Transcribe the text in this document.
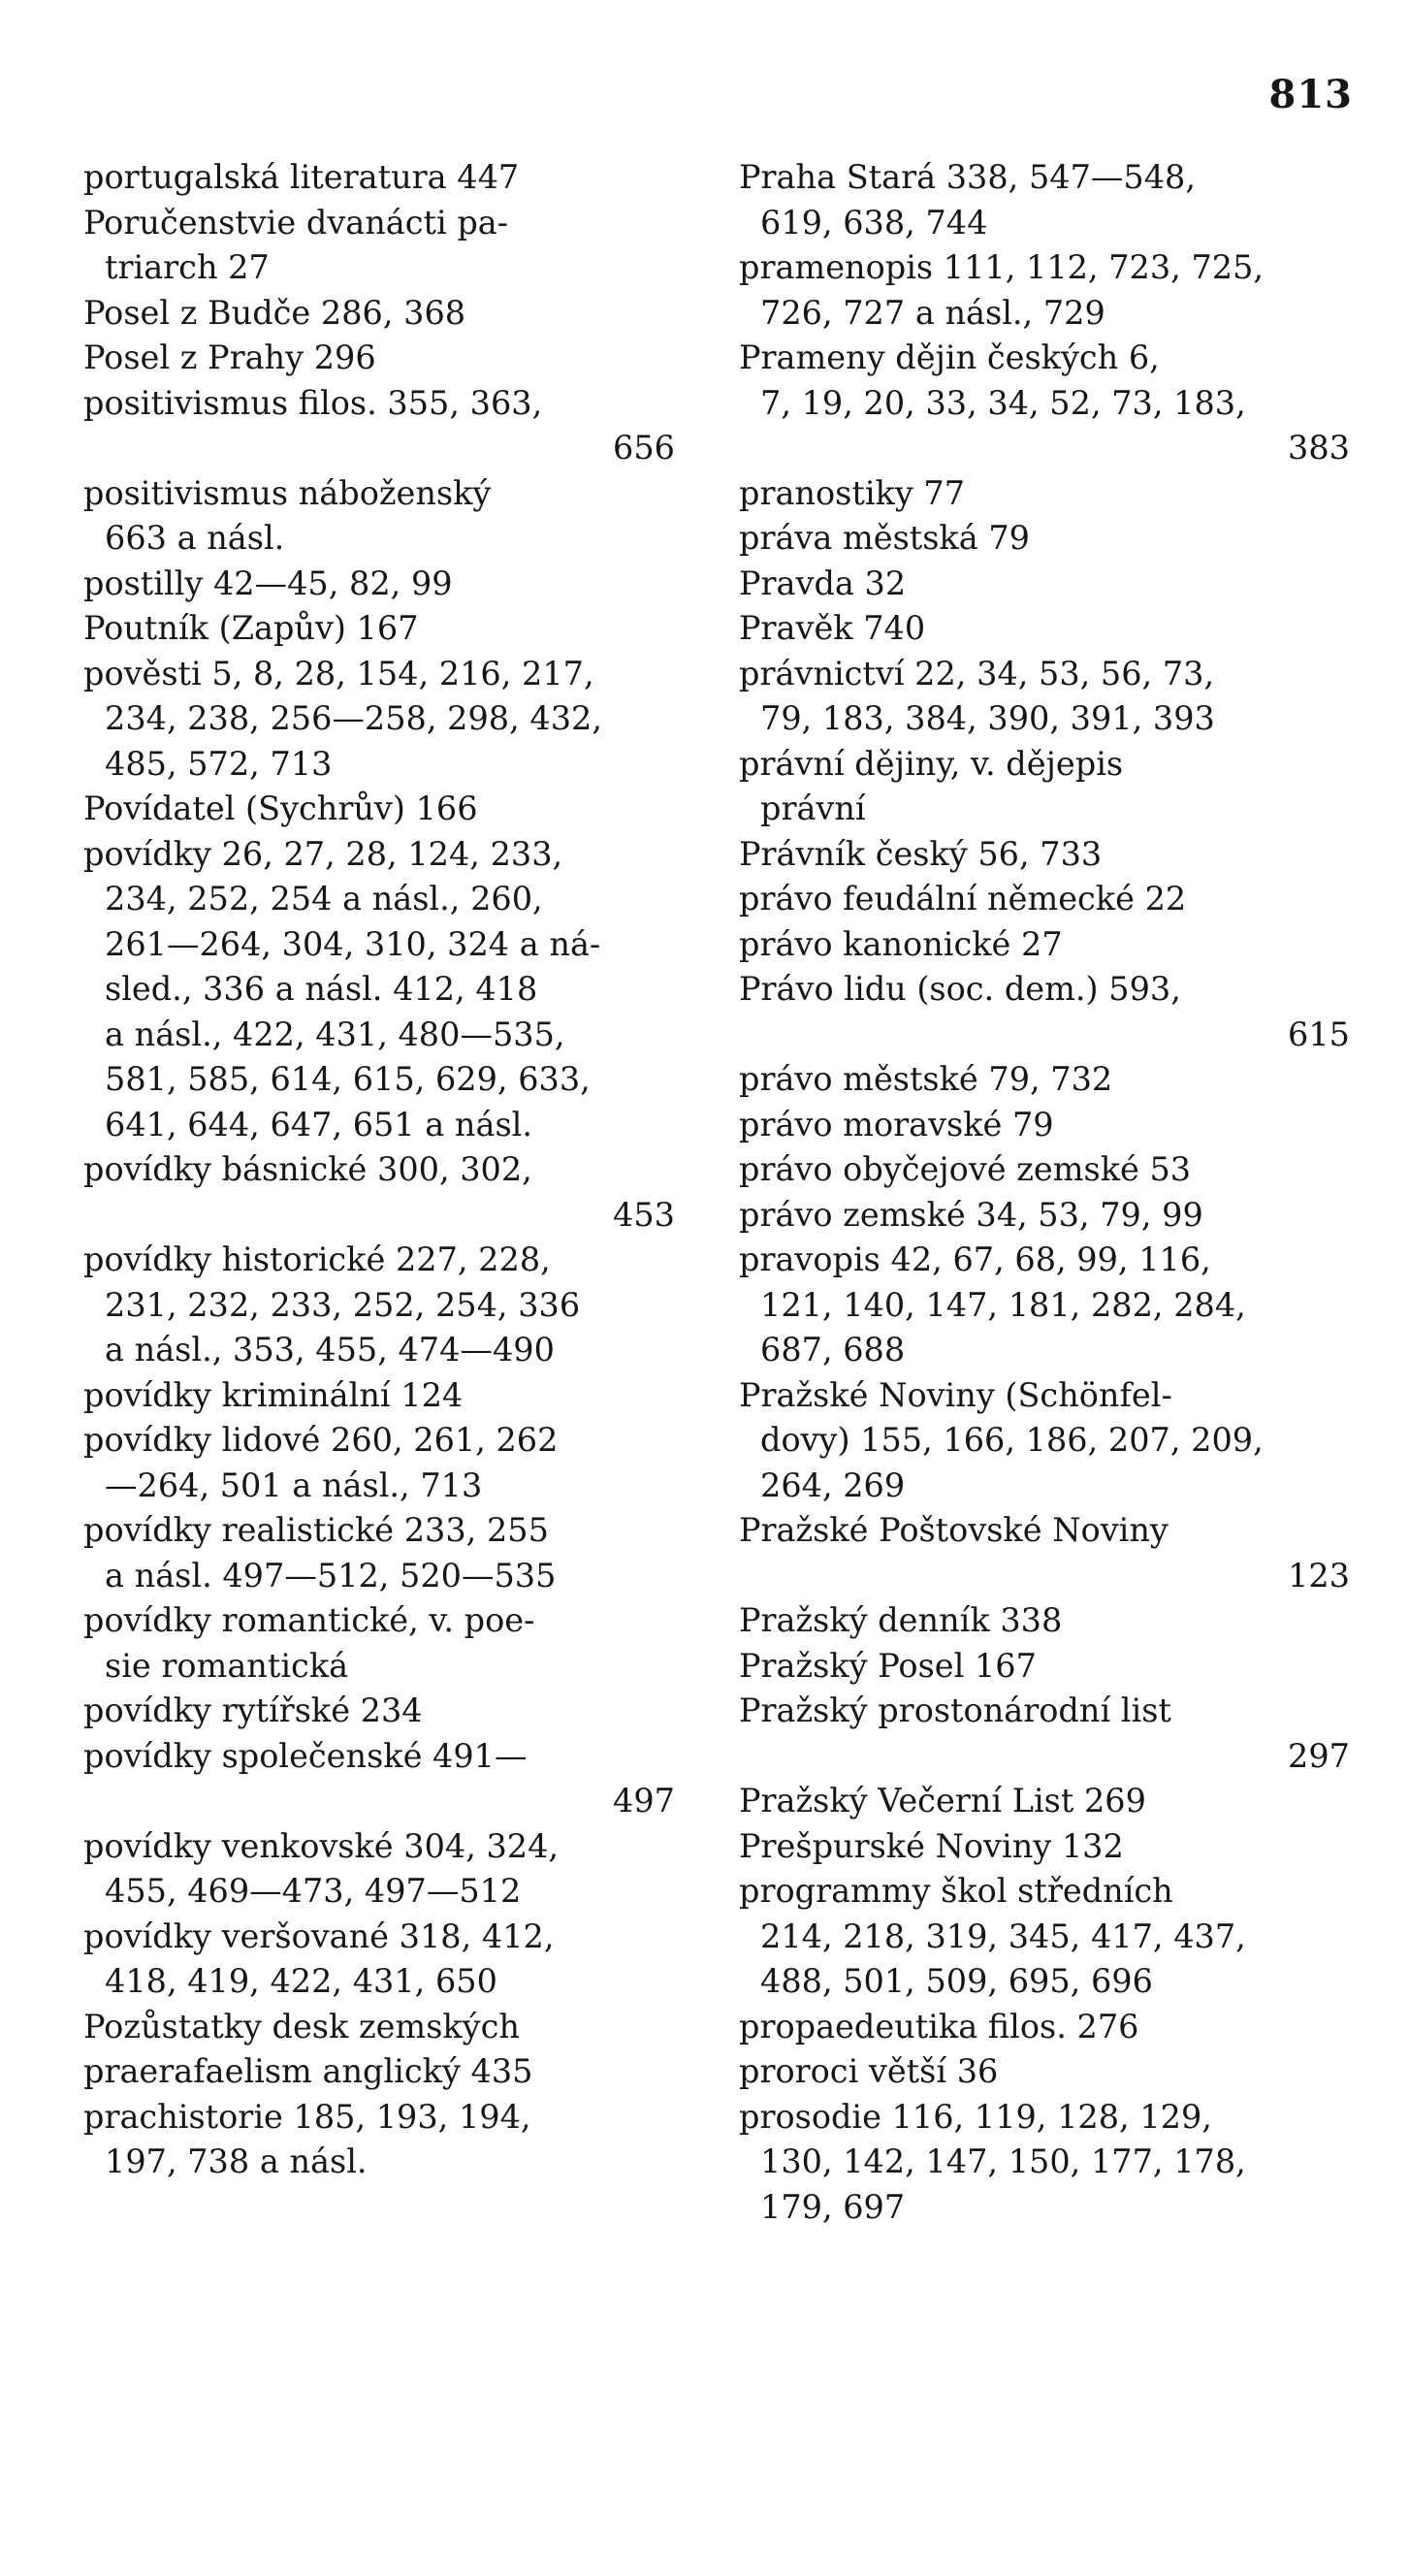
813
portugalská literatura 447
Poručenstvie dvanácti pa-
triarch 27
Posel z Budče 286, 368
Posel z Prahy 296
positivismus filos. 355, 363,
656
positivismus náboženský
663 a násl.
postilly 42—45, 82, 99
Poutník (Zapův) 167
pověsti 5, 8, 28, 154, 216, 217,
234, 238, 256—258, 298, 432,
485, 572, 713
Povídatel (Sychrův) 166
povídky 26, 27, 28, 124, 233,
234, 252, 254 a násl., 260,
261—264, 304, 310, 324 a ná-
sled., 336 a násl. 412, 418
a násl., 422, 431, 480—535,
581, 585, 614, 615, 629, 633,
641, 644, 647, 651 a násl.
povídky básnické 300, 302,
453
povídky historické 227, 228,
231, 232, 233, 252, 254, 336
a násl., 353, 455, 474—490
povídky kriminální 124
povídky lidové 260, 261, 262
—264, 501 a násl., 713
povídky realistické 233, 255
a násl. 497—512, 520—535
povídky romantické, v. poe-
sie romantická
povídky rytířské 234
povídky společenské 491—
497
povídky venkovské 304, 324,
455, 469—473, 497—512
povídky veršované 318, 412,
418, 419, 422, 431, 650
Pozůstatky desk zemských
praerafaelism anglický 435
prachistorie 185, 193, 194,
197, 738 a násl.
Praha Stará 338, 547—548,
619, 638, 744
pramenopis 111, 112, 723, 725,
726, 727 a násl., 729
Prameny dějin českých 6,
7, 19, 20, 33, 34, 52, 73, 183,
383
pranostiky 77
práva městská 79
Pravda 32
Pravěk 740
právnictví 22, 34, 53, 56, 73,
79, 183, 384, 390, 391, 393
právní dějiny, v. dějepis
právní
Právník český 56, 733
právo feudální německé 22
právo kanonické 27
Právo lidu (soc. dem.) 593,
615
právo městské 79, 732
právo moravské 79
právo obyčejové zemské 53
právo zemské 34, 53, 79, 99
pravopis 42, 67, 68, 99, 116,
121, 140, 147, 181, 282, 284,
687, 688
Pražské Noviny (Schönfel-
dovy) 155, 166, 186, 207, 209,
264, 269
Pražské Poštovské Noviny
123
Pražský denník 338
Pražský Posel 167
Pražský prostonárodní list
297
Pražský Večerní List 269
Prešpurské Noviny 132
programmy škol středních
214, 218, 319, 345, 417, 437,
488, 501, 509, 695, 696
propaedeutika filos. 276
proroci větší 36
prosodie 116, 119, 128, 129,
130, 142, 147, 150, 177, 178,
179, 697
